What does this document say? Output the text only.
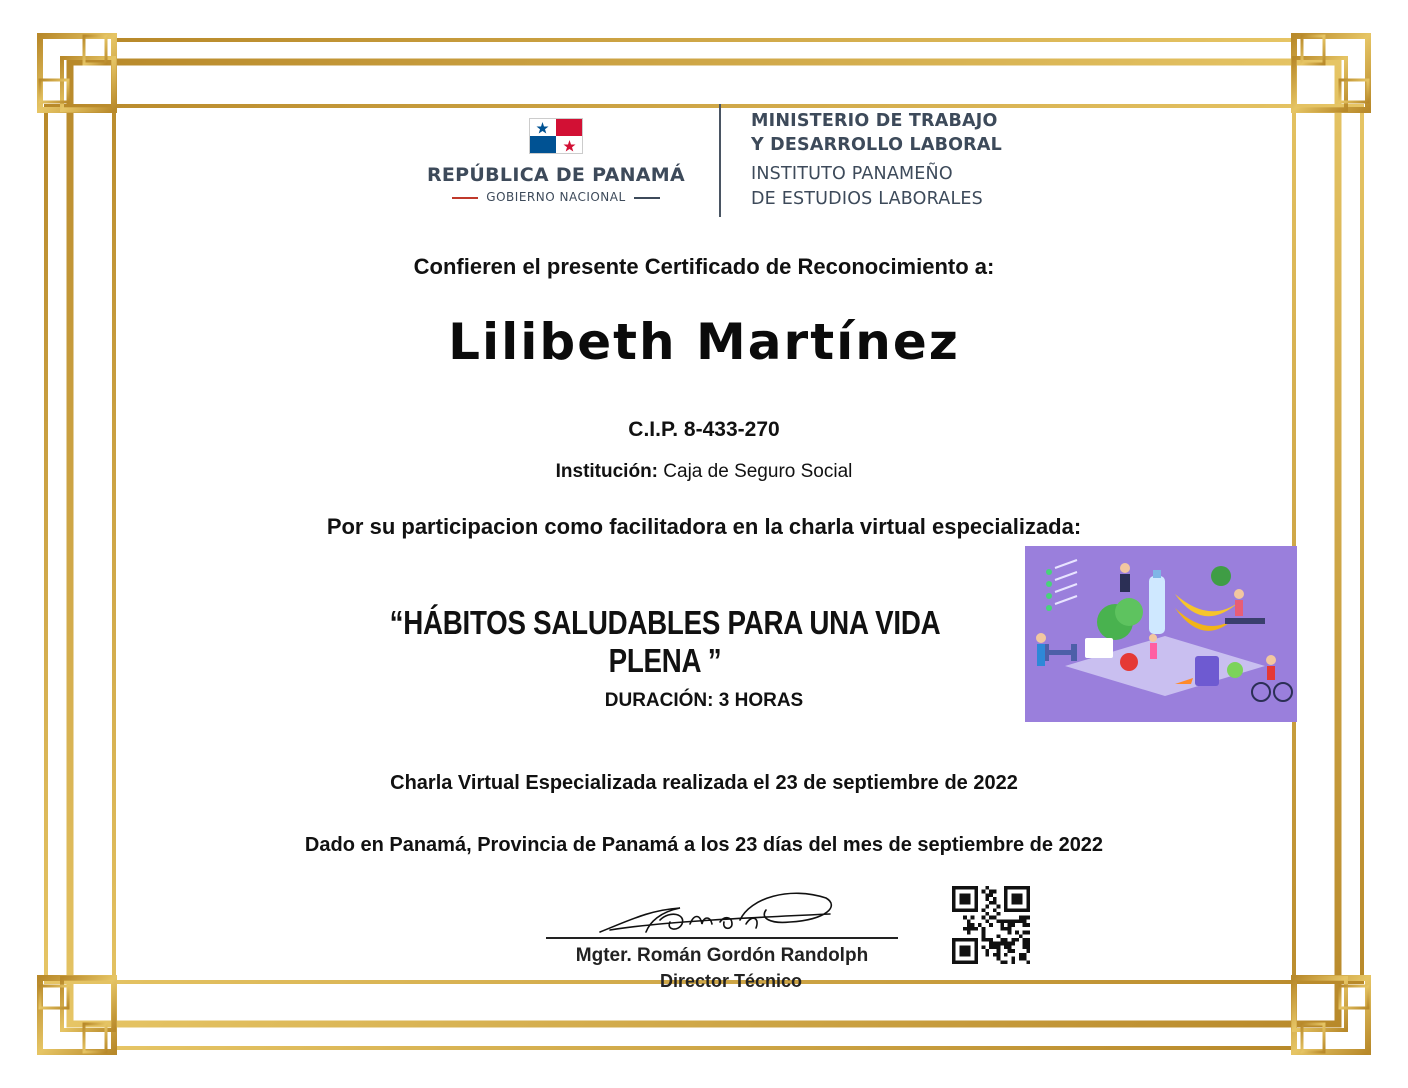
REPÚBLICA DE PANAMÁ
GOBIERNO NACIONAL
MINISTERIO DE TRABAJO
Y DESARROLLO LABORAL
INSTITUTO PANAMEÑO
DE ESTUDIOS LABORALES
Confieren el presente Certificado de Reconocimiento a:
Lilibeth Martínez
C.I.P. 8-433-270
Institución: Caja de Seguro Social
Por su participacion como facilitadora en la charla virtual especializada:
“HÁBITOS SALUDABLES PARA UNA VIDA PLENA ”
DURACIÓN: 3 HORAS
Charla Virtual Especializada realizada el 23 de septiembre de 2022
Dado en Panamá, Provincia de Panamá a los 23 días del mes de septiembre de 2022
Mgter. Román Gordón Randolph
Director Técnico
